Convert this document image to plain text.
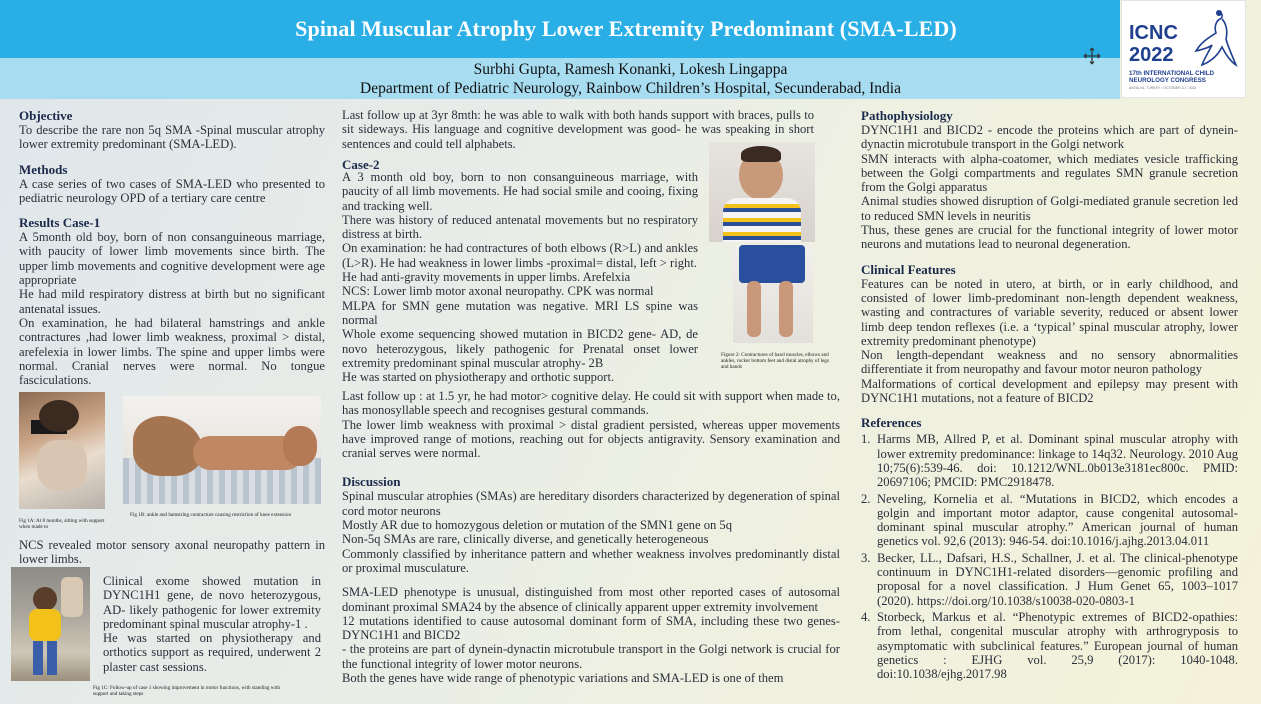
Spinal Muscular Atrophy Lower Extremity Predominant (SMA-LED)
Surbhi Gupta, Ramesh Konanki, Lokesh Lingappa
Department of Pediatric Neurology, Rainbow Children’s Hospital, Secunderabad, India
ICNC
2022
17th INTERNATIONAL CHILD NEUROLOGY CONGRESS
ANTALYA, TURKEY • OCTOBER 3-7, 2022
Objective

To describe the rare non 5q SMA -Spinal muscular atrophy lower extremity predominant (SMA-LED).

Methods

A case series of two cases of SMA-LED who presented to pediatric neurology OPD of a tertiary care centre

Results Case-1

A 5month old boy, born of non consanguineous marriage, with paucity of lower limb movements since birth. The upper limb movements and cognitive development were age appropriate

He had mild respiratory distress at birth but no significant antenatal issues.

On examination, he had bilateral hamstrings and ankle contractures ,had lower limb weakness, proximal > distal, arefelexia in lower limbs. The spine and upper limbs were normal. Cranial nerves were normal. No tongue fasciculations.

Fig 1A: At 8 months, sitting with support when made to
Fig 1B: ankle and hamstring contracture causing restriction of knee extension

NCS revealed motor sensory axonal neuropathy pattern in lower limbs.

Clinical exome showed mutation in DYNC1H1 gene, de novo heterozygous, AD- likely pathogenic for lower extremity predominant spinal muscular atrophy-1 .

He was started on physiotherapy and orthotics support as required, underwent 2 plaster cast sessions.

Fig 1C: Follow-up of case 1 showing improvement in motor functions, with standing with support and taking steps

Last follow up at 3yr 8mth: he was able to walk with both hands support with braces, pulls to sit sideways. His language and cognitive development was good- he was speaking in short sentences and could tell alphabets.

Case-2

A 3 month old boy, born to non consanguineous marriage, with paucity of all limb movements. He had social smile and cooing, fixing and tracking well.

There was history of reduced antenatal movements but no respiratory distress at birth.

On examination: he had contractures of both elbows (R>L) and ankles (L>R). He had weakness in lower limbs -proximal= distal, left > right.

He had anti-gravity movements in upper limbs. Arefelxia

NCS: Lower limb motor axonal neuropathy. CPK was normal

MLPA for SMN gene mutation was negative. MRI LS spine was normal

Whole exome sequencing showed mutation in BICD2 gene- AD, de novo heterozygous, likely pathogenic for Prenatal onset lower extremity predominant spinal muscular atrophy- 2B

He was started on physiotherapy and orthotic support.

Figure 2: Contractures of hand muscles, elbows and ankles, rocker bottom feet and distal atrophy of legs and hands

Last follow up : at 1.5 yr, he had motor> cognitive delay. He could sit with support when made to, has monosyllable speech and recognises gestural commands.

The lower limb weakness with proximal > distal gradient persisted, whereas upper movements have improved range of motions, reaching out for objects antigravity. Sensory examination and cranial serves were normal.

Discussion

Spinal muscular atrophies (SMAs) are hereditary disorders characterized by degeneration of spinal cord motor neurons

Mostly AR due to homozygous deletion or mutation of the SMN1 gene on 5q

Non-5q SMAs are rare, clinically diverse, and genetically heterogeneous

Commonly classified by inheritance pattern and whether weakness involves predominantly distal or proximal musculature.

SMA-LED phenotype is unusual, distinguished from most other reported cases of autosomal dominant proximal SMA24 by the absence of clinically apparent upper extremity involvement

12 mutations identified to cause autosomal dominant form of SMA, including these two genes- DYNC1H1 and BICD2

- the proteins are part of dynein-dynactin microtubule transport in the Golgi network is crucial for the functional integrity of lower motor neurons.

Both the genes have wide range of phenotypic variations and SMA-LED is one of them

Pathophysiology

DYNC1H1 and BICD2 - encode the proteins which are part of dynein-dynactin microtubule transport in the Golgi network

SMN interacts with alpha-coatomer, which mediates vesicle trafficking between the Golgi compartments and regulates SMN granule secretion from the Golgi apparatus

Animal studies showed disruption of Golgi-mediated granule secretion led to reduced SMN levels in neuritis

Thus, these genes are crucial for the functional integrity of lower motor neurons and mutations lead to neuronal degeneration.

Clinical Features

Features can be noted in utero, at birth, or in early childhood, and consisted of lower limb-predominant non-length dependent weakness, wasting and contractures of variable severity, reduced or absent lower limb deep tendon reflexes (i.e. a ‘typical’ spinal muscular atrophy, lower extremity predominant phenotype)

Non length-dependant weakness and no sensory abnormalities differentiate it from neuropathy and favour motor neuron pathology

Malformations of cortical development and epilepsy may present with DYNC1H1 mutations, not a feature of BICD2

References
1. Harms MB, Allred P, et al. Dominant spinal muscular atrophy with lower extremity predominance: linkage to 14q32. Neurology. 2010 Aug 10;75(6):539-46. doi: 10.1212/WNL.0b013e3181ec800c. PMID: 20697106; PMCID: PMC2918478.
2. Neveling, Kornelia et al. “Mutations in BICD2, which encodes a golgin and important motor adaptor, cause congenital autosomal-dominant spinal muscular atrophy.” American journal of human genetics vol. 92,6 (2013): 946-54. doi:10.1016/j.ajhg.2013.04.011
3. Becker, LL., Dafsari, H.S., Schallner, J. et al. The clinical-phenotype continuum in DYNC1H1-related disorders—genomic profiling and proposal for a novel classification. J Hum Genet 65, 1003–1017 (2020). https://doi.org/10.1038/s10038-020-0803-1
4. Storbeck, Markus et al. “Phenotypic extremes of BICD2-opathies: from lethal, congenital muscular atrophy with arthrogryposis to asymptomatic with subclinical features.” European journal of human genetics : EJHG vol. 25,9 (2017): 1040-1048. doi:10.1038/ejhg.2017.98
